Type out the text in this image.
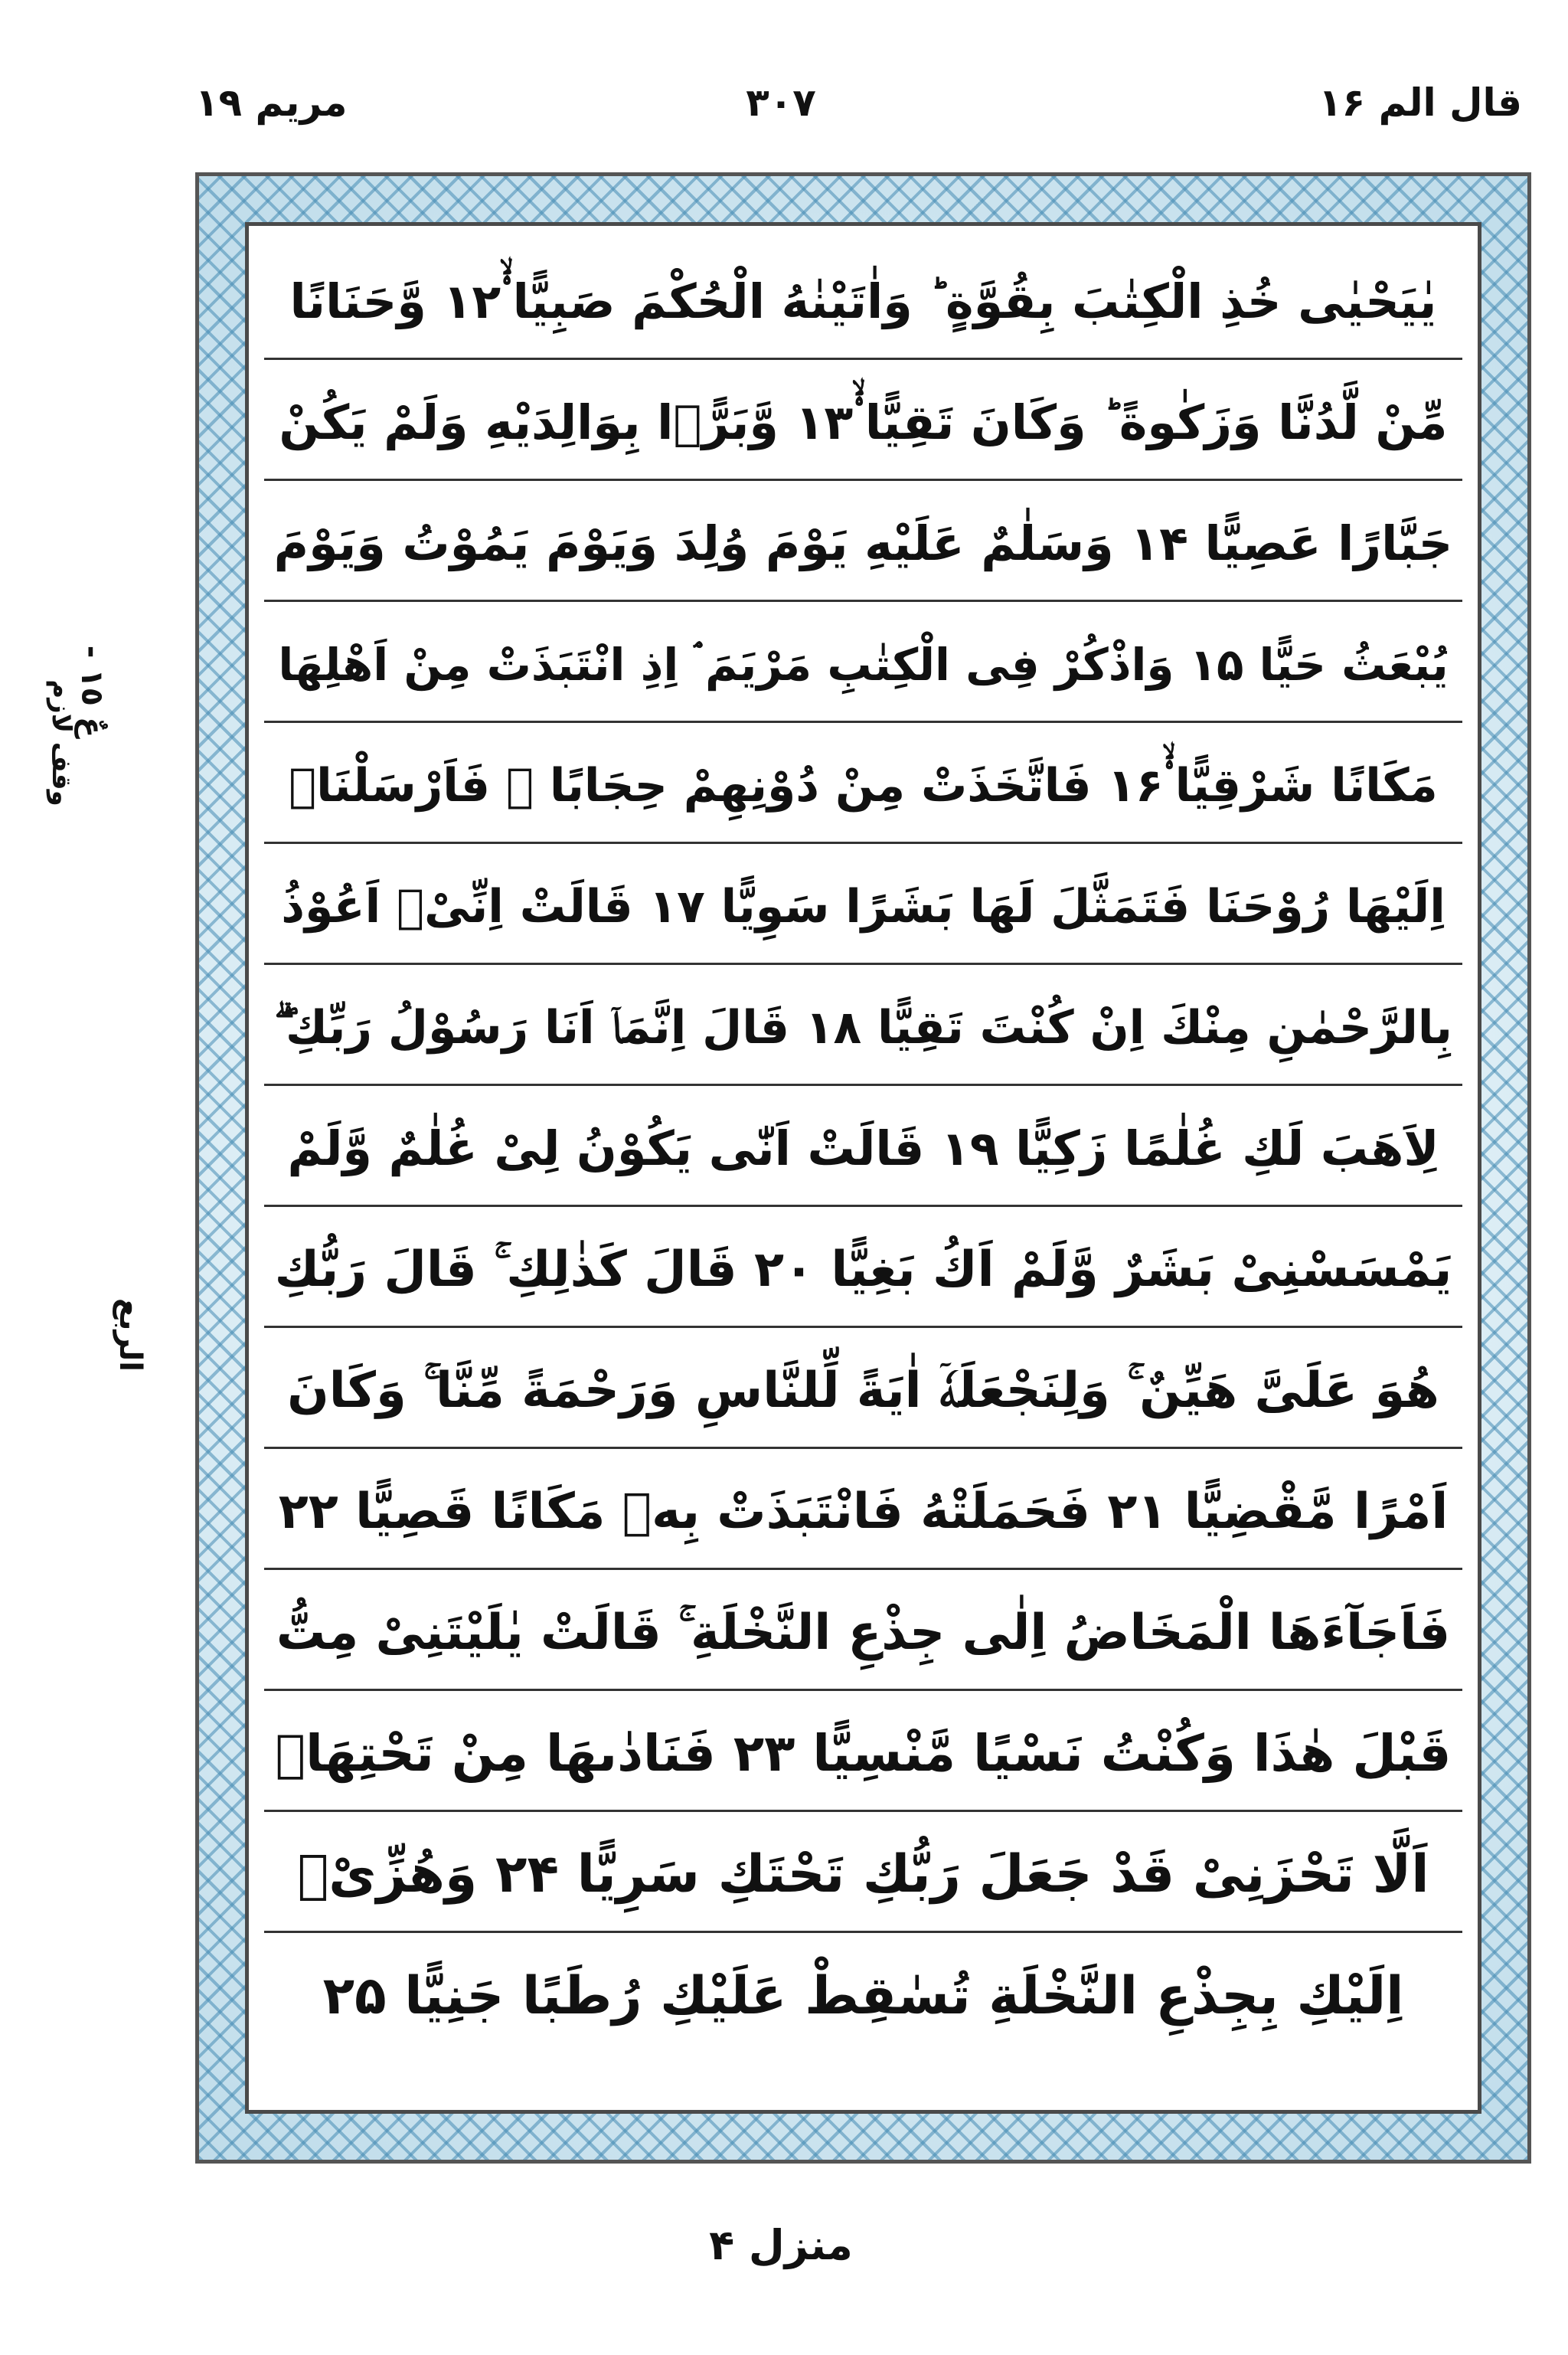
مریم ۱۹	۳۰۷	قال الم ۱۶
عٌ ١٥ -
وقف لازم
الربع
یٰیَحْیٰی خُذِ الْكِتٰبَ بِقُوَّةٍ ؕ وَاٰتَیْنٰهُ الْحُكْمَ صَبِیًّا ۟ۙ۱۲ وَّحَنَانًا
مِّنْ لَّدُنَّا وَزَكٰوةً ؕ وَكَانَ تَقِیًّا ۟ۙ۱۳ وَّبَرًّۢا بِوَالِدَیْهِ وَلَمْ یَكُنْ
جَبَّارًا عَصِیًّا ۱۴ وَسَلٰمٌ عَلَیْهِ یَوْمَ وُلِدَ وَیَوْمَ یَمُوْتُ وَیَوْمَ
یُبْعَثُ حَیًّا ۱۵ وَاذْكُرْ فِی الْكِتٰبِ مَرْیَمَ ۘ اِذِ انْتَبَذَتْ مِنْ اَهْلِهَا
مَكَانًا شَرْقِیًّا ۟ۙ۱۶ فَاتَّخَذَتْ مِنْ دُوْنِهِمْ حِجَابًا ۫ فَاَرْسَلْنَاۤ
اِلَیْهَا رُوْحَنَا فَتَمَثَّلَ لَهَا بَشَرًا سَوِیًّا ۱۷ قَالَتْ اِنِّیْۤ اَعُوْذُ
بِالرَّحْمٰنِ مِنْكَ اِنْ كُنْتَ تَقِیًّا ۱۸ قَالَ اِنَّمَاۤ اَنَا رَسُوْلُ رَبِّكِ ۖۗ
لِاَهَبَ لَكِ غُلٰمًا زَكِیًّا ۱۹ قَالَتْ اَنّٰی یَكُوْنُ لِیْ غُلٰمٌ وَّلَمْ
یَمْسَسْنِیْ بَشَرٌ وَّلَمْ اَكُ بَغِیًّا ۲۰ قَالَ كَذٰلِكِ ۚ قَالَ رَبُّكِ
هُوَ عَلَیَّ هَیِّنٌ ۚ وَلِنَجْعَلَهٗۤ اٰیَةً لِّلنَّاسِ وَرَحْمَةً مِّنَّا ۚ وَكَانَ
اَمْرًا مَّقْضِیًّا ۲۱ فَحَمَلَتْهُ فَانْتَبَذَتْ بِهٖ مَكَانًا قَصِیًّا ۲۲
فَاَجَآءَهَا الْمَخَاضُ اِلٰی جِذْعِ النَّخْلَةِ ۚ قَالَتْ یٰلَیْتَنِیْ مِتُّ
قَبْلَ هٰذَا وَكُنْتُ نَسْیًا مَّنْسِیًّا ۲۳ فَنَادٰىهَا مِنْ تَحْتِهَاۤ
اَلَّا تَحْزَنِیْ قَدْ جَعَلَ رَبُّكِ تَحْتَكِ سَرِیًّا ۲۴ وَهُزِّیْۤ
اِلَیْكِ بِجِذْعِ النَّخْلَةِ تُسٰقِطْ عَلَیْكِ رُطَبًا جَنِیًّا ۲۵
منزل ۴
